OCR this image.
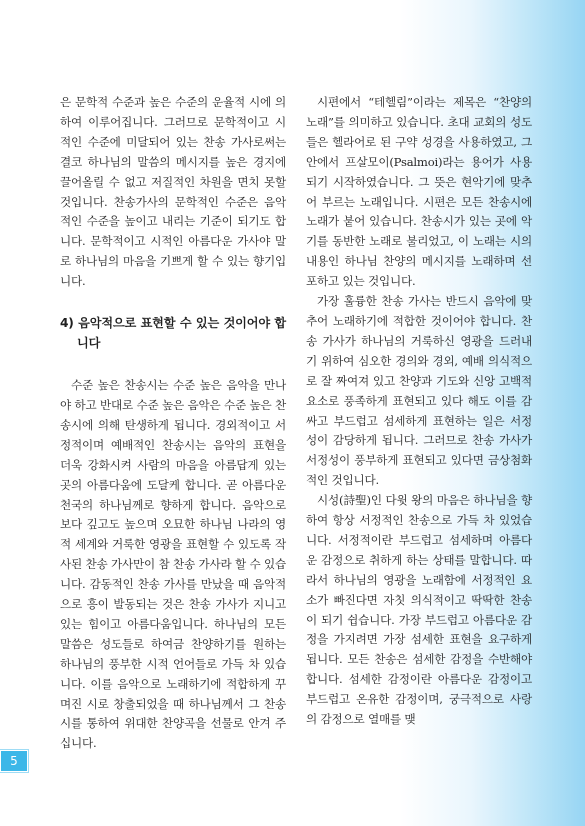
은 문학적 수준과 높은 수준의 운율적 시에 의하여 이루어집니다. 그러므로 문학적이고 시적인 수준에 미달되어 있는 찬송 가사로써는 결코 하나님의 말씀의 메시지를 높은 경지에 끌어올릴 수 없고 저질적인 차원을 면치 못할 것입니다. 찬송가사의 문학적인 수준은 음악적인 수준을 높이고 내리는 기준이 되기도 합니다. 문학적이고 시적인 아름다운 가사야 말로 하나님의 마음을 기쁘게 할 수 있는 향기입니다.

4) 음악적으로 표현할 수 있는 것이어야 합니다

수준 높은 찬송시는 수준 높은 음악을 만나야 하고 반대로 수준 높은 음악은 수준 높은 찬송시에 의해 탄생하게 됩니다. 경외적이고 서정적이며 예배적인 찬송시는 음악의 표현을 더욱 강화시켜 사람의 마음을 아름답게 있는 곳의 아름다움에 도달케 합니다. 곧 아름다운 천국의 하나님께로 향하게 합니다. 음악으로 보다 깊고도 높으며 오묘한 하나님 나라의 영적 세계와 거룩한 영광을 표현할 수 있도록 작사된 찬송 가사만이 참 찬송 가사라 할 수 있습니다. 감동적인 찬송 가사를 만났을 때 음악적으로 흥이 발동되는 것은 찬송 가사가 지니고 있는 힘이고 아름다움입니다. 하나님의 모든 말씀은 성도들로 하여금 찬양하기를 원하는 하나님의 풍부한 시적 언어들로 가득 차 있습니다. 이를 음악으로 노래하기에 적합하게 꾸며진 시로 창출되었을 때 하나님께서 그 찬송시를 통하여 위대한 찬양곡을 선물로 안겨 주십니다.

시편에서 “테헬림”이라는 제목은 “찬양의 노래”를 의미하고 있습니다. 초대 교회의 성도들은 헬라어로 된 구약 성경을 사용하였고, 그 안에서 프살모이(Psalmoi)라는 용어가 사용되기 시작하였습니다. 그 뜻은 현악기에 맞추어 부르는 노래입니다. 시편은 모든 찬송시에 노래가 붙어 있습니다. 찬송시가 있는 곳에 악기를 동반한 노래로 불리었고, 이 노래는 시의 내용인 하나님 찬양의 메시지를 노래하며 선포하고 있는 것입니다.

가장 훌륭한 찬송 가사는 반드시 음악에 맞추어 노래하기에 적합한 것이어야 합니다. 찬송 가사가 하나님의 거룩하신 영광을 드러내기 위하여 심오한 경의와 경외, 예배 의식적으로 잘 짜여져 있고 찬양과 기도와 신앙 고백적 요소로 풍족하게 표현되고 있다 해도 이를 감싸고 부드럽고 섬세하게 표현하는 일은 서정성이 감당하게 됩니다. 그러므로 찬송 가사가 서정성이 풍부하게 표현되고 있다면 금상첨화적인 것입니다.

시성(詩聖)인 다윗 왕의 마음은 하나님을 향하여 항상 서정적인 찬송으로 가득 차 있었습니다. 서정적이란 부드럽고 섬세하며 아름다운 감정으로 취하게 하는 상태를 말합니다. 따라서 하나님의 영광을 노래함에 서정적인 요소가 빠진다면 자칫 의식적이고 딱딱한 찬송이 되기 쉽습니다. 가장 부드럽고 아름다운 감정을 가지려면 가장 섬세한 표현을 요구하게 됩니다. 모든 찬송은 섬세한 감정을 수반해야 합니다. 섬세한 감정이란 아름다운 감정이고 부드럽고 온유한 감정이며, 궁극적으로 사랑의 감정으로 열매를 맺

5
